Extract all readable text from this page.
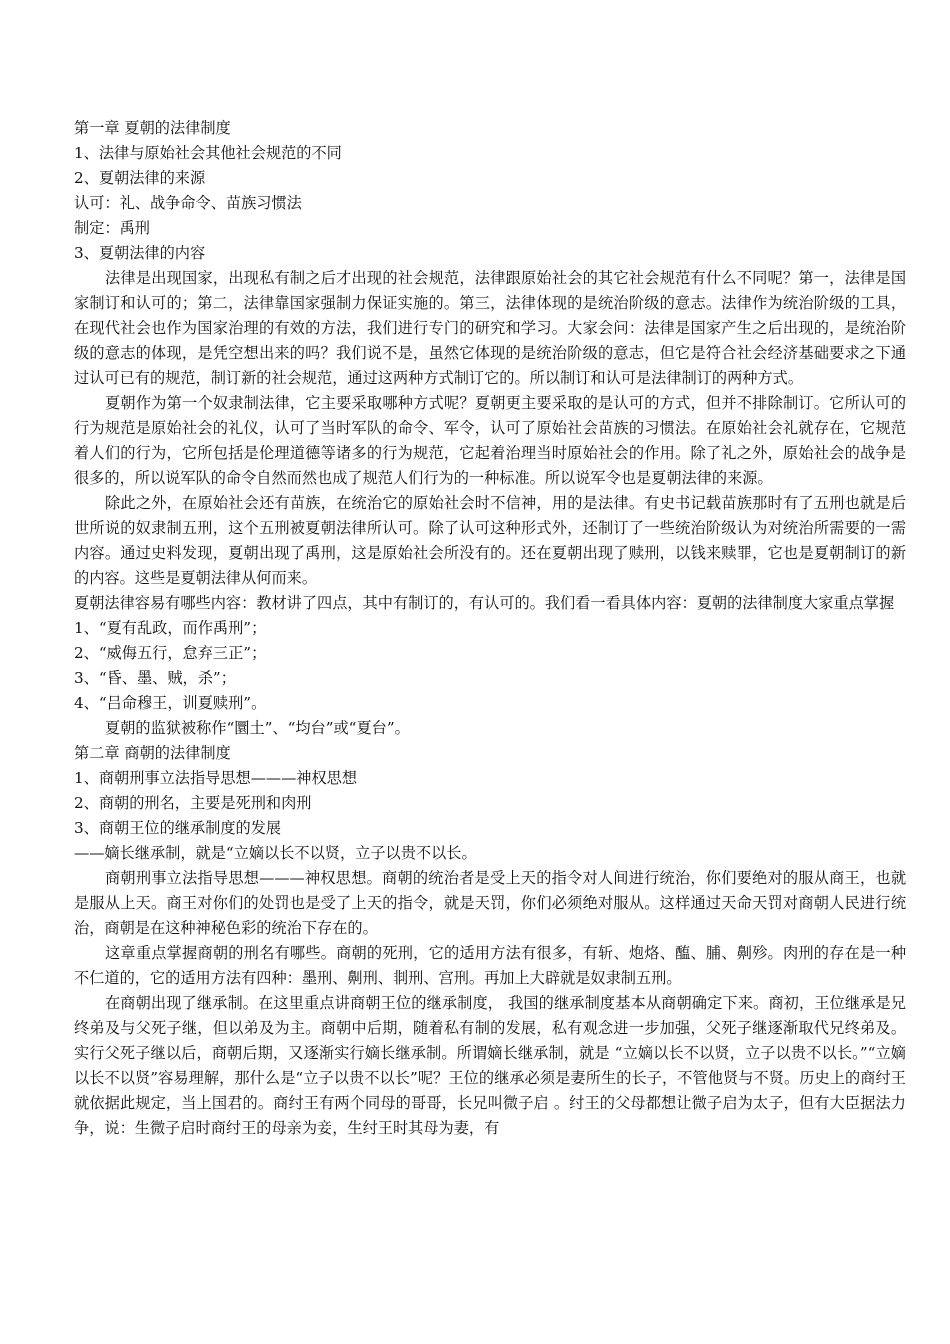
第一章 夏朝的法律制度

1、法律与原始社会其他社会规范的不同

2、夏朝法律的来源

认可：礼、战争命令、苗族习惯法

制定：禹刑

3、夏朝法律的内容

法律是出现国家，出现私有制之后才出现的社会规范，法律跟原始社会的其它社会规范有什么不同呢？第一，法律是国家制订和认可的；第二，法律靠国家强制力保证实施的。第三，法律体现的是统治阶级的意志。法律作为统治阶级的工具，在现代社会也作为国家治理的有效的方法，我们进行专门的研究和学习。大家会问：法律是国家产生之后出现的，是统治阶级的意志的体现，是凭空想出来的吗？我们说不是，虽然它体现的是统治阶级的意志，但它是符合社会经济基础要求之下通过认可已有的规范，制订新的社会规范，通过这两种方式制订它的。所以制订和认可是法律制订的两种方式。

夏朝作为第一个奴隶制法律，它主要采取哪种方式呢？夏朝更主要采取的是认可的方式，但并不排除制订。它所认可的行为规范是原始社会的礼仪，认可了当时军队的命令、军令，认可了原始社会苗族的习惯法。在原始社会礼就存在，它规范着人们的行为，它所包括是伦理道德等诸多的行为规范，它起着治理当时原始社会的作用。除了礼之外，原始社会的战争是很多的，所以说军队的命令自然而然也成了规范人们行为的一种标准。所以说军令也是夏朝法律的来源。

除此之外，在原始社会还有苗族，在统治它的原始社会时不信神，用的是法律。有史书记载苗族那时有了五刑也就是后世所说的奴隶制五刑，这个五刑被夏朝法律所认可。除了认可这种形式外，还制订了一些统治阶级认为对统治所需要的一需内容。通过史料发现，夏朝出现了禹刑，这是原始社会所没有的。还在夏朝出现了赎刑，以钱来赎罪，它也是夏朝制订的新的内容。这些是夏朝法律从何而来。

夏朝法律容易有哪些内容：教材讲了四点，其中有制订的，有认可的。我们看一看具体内容：夏朝的法律制度大家重点掌握

1、“夏有乱政，而作禹刑”；

2、“威侮五行，怠弃三正”；

3、“昏、墨、贼，杀”；

4、“吕命穆王，训夏赎刑”。

夏朝的监狱被称作“圜土”、“均台”或“夏台”。

第二章 商朝的法律制度

1、商朝刑事立法指导思想———神权思想

2、商朝的刑名，主要是死刑和肉刑

3、商朝王位的继承制度的发展

——嫡长继承制，就是“立嫡以长不以贤，立子以贵不以长。

商朝刑事立法指导思想———神权思想。商朝的统治者是受上天的指令对人间进行统治，你们要绝对的服从商王，也就是服从上天。商王对你们的处罚也是受了上天的指令，就是天罚，你们必须绝对服从。这样通过天命天罚对商朝人民进行统治，商朝是在这种神秘色彩的统治下存在的。

这章重点掌握商朝的刑名有哪些。商朝的死刑，它的适用方法有很多，有斩、炮烙、醢、脯、劓殄。肉刑的存在是一种不仁道的，它的适用方法有四种：墨刑、劓刑、剕刑、宫刑。再加上大辟就是奴隶制五刑。

在商朝出现了继承制。在这里重点讲商朝王位的继承制度， 我国的继承制度基本从商朝确定下来。商初，王位继承是兄终弟及与父死子继，但以弟及为主。商朝中后期，随着私有制的发展，私有观念进一步加强，父死子继逐渐取代兄终弟及。实行父死子继以后，商朝后期，又逐渐实行嫡长继承制。所谓嫡长继承制，就是 “立嫡以长不以贤，立子以贵不以长。”“立嫡以长不以贤”容易理解，那什么是“立子以贵不以长”呢？王位的继承必须是妻所生的长子，不管他贤与不贤。历史上的商纣王就依据此规定，当上国君的。商纣王有两个同母的哥哥，长兄叫微子启 。纣王的父母都想让微子启为太子，但有大臣据法力争，说：生微子启时商纣王的母亲为妾，生纣王时其母为妻，有
